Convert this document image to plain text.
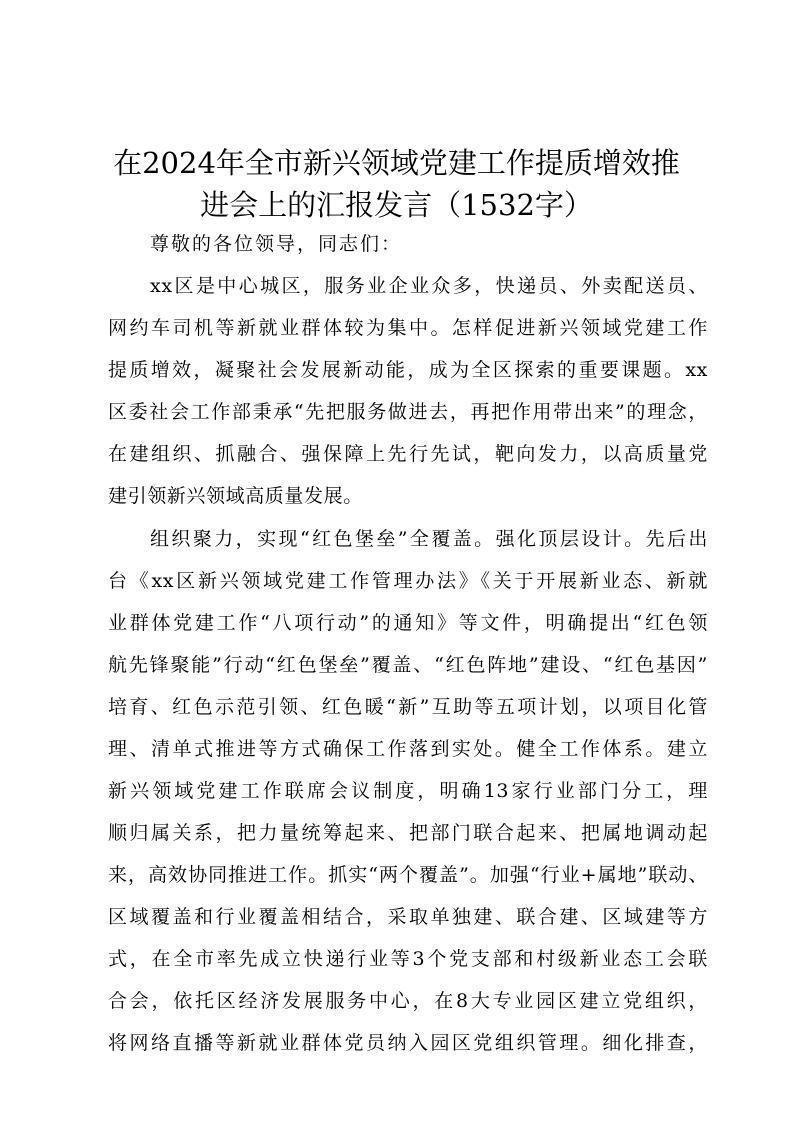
在2024年全市新兴领域党建工作提质增效推
进会上的汇报发言（1532字）
尊敬的各位领导，同志们：
xx区是中心城区，服务业企业众多，快递员、外卖配送员、
网约车司机等新就业群体较为集中。怎样促进新兴领域党建工作
提质增效，凝聚社会发展新动能，成为全区探索的重要课题。xx
区委社会工作部秉承“先把服务做进去，再把作用带出来”的理念，
在建组织、抓融合、强保障上先行先试，靶向发力，以高质量党
建引领新兴领域高质量发展。
组织聚力，实现“红色堡垒”全覆盖。强化顶层设计。先后出
台《xx区新兴领域党建工作管理办法》《关于开展新业态、新就
业群体党建工作“八项行动”的通知》等文件，明确提出“红色领
航先锋聚能”行动“红色堡垒”覆盖、“红色阵地”建设、“红色基因”
培育、红色示范引领、红色暖“新”互助等五项计划，以项目化管
理、清单式推进等方式确保工作落到实处。健全工作体系。建立
新兴领域党建工作联席会议制度，明确13家行业部门分工，理
顺归属关系，把力量统筹起来、把部门联合起来、把属地调动起
来，高效协同推进工作。抓实“两个覆盖”。加强“行业+属地”联动、
区域覆盖和行业覆盖相结合，采取单独建、联合建、区域建等方
式，在全市率先成立快递行业等3个党支部和村级新业态工会联
合会，依托区经济发展服务中心，在8大专业园区建立党组织，
将网络直播等新就业群体党员纳入园区党组织管理。细化排查，
